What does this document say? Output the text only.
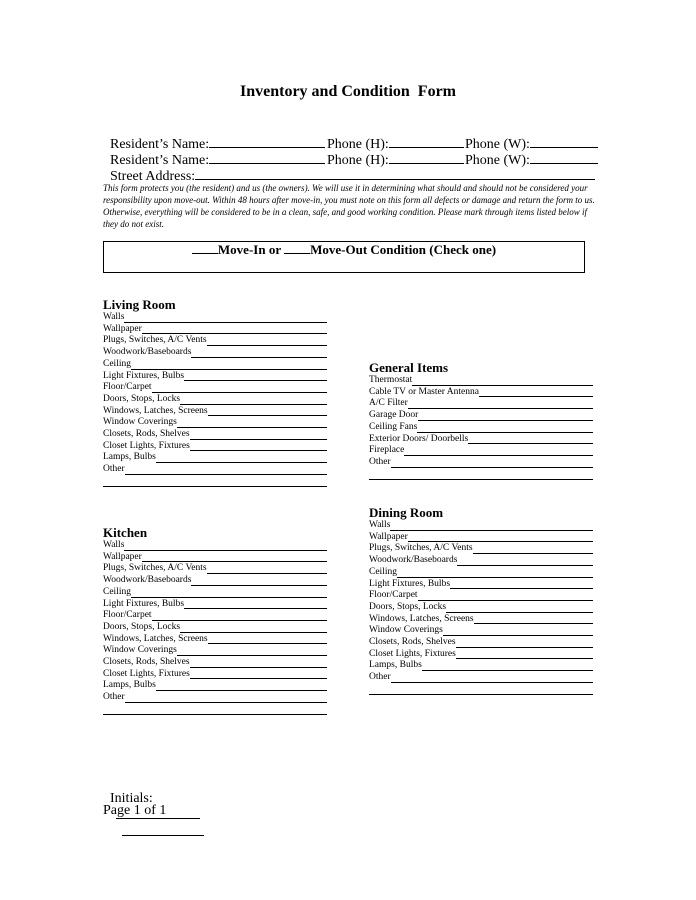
Inventory and Condition  Form

Resident’s Name:	Phone (H):	Phone (W):

Resident’s Name:	Phone (H):	Phone (W):

Street Address:

This form protects you (the resident) and us (the owners). We will use it in determining what should and should not be considered your responsibility upon move-out. Within 48 hours after move-in, you must note on this form all defects or damage and return the form to us. Otherwise, everything will be considered to be in a clean, safe, and good working condition. Please mark through items listed below if they do not exist.
Move-In or Move-Out Condition (Check one)
Living Room
Walls
Wallpaper
Plugs, Switches, A/C Vents
Woodwork/Baseboards
Ceiling
Light Fixtures, Bulbs
Floor/Carpet
Doors, Stops, Locks
Windows, Latches, Screens
Window Coverings
Closets, Rods, Shelves
Closet Lights, Fixtures
Lamps, Bulbs
Other
General Items
Thermostat
Cable TV or Master Antenna
A/C Filter
Garage Door
Ceiling Fans
Exterior Doors/ Doorbells
Fireplace
Other
Kitchen
Walls
Wallpaper
Plugs, Switches, A/C Vents
Woodwork/Baseboards
Ceiling
Light Fixtures, Bulbs
Floor/Carpet
Doors, Stops, Locks
Windows, Latches, Screens
Window Coverings
Closets, Rods, Shelves
Closet Lights, Fixtures
Lamps, Bulbs
Other
Dining Room
Walls
Wallpaper
Plugs, Switches, A/C Vents
Woodwork/Baseboards
Ceiling
Light Fixtures, Bulbs
Floor/Carpet
Doors, Stops, Locks
Windows, Latches, Screens
Window Coverings
Closets, Rods, Shelves
Closet Lights, Fixtures
Lamps, Bulbs
Other

Initials:

Page 1 of 1
